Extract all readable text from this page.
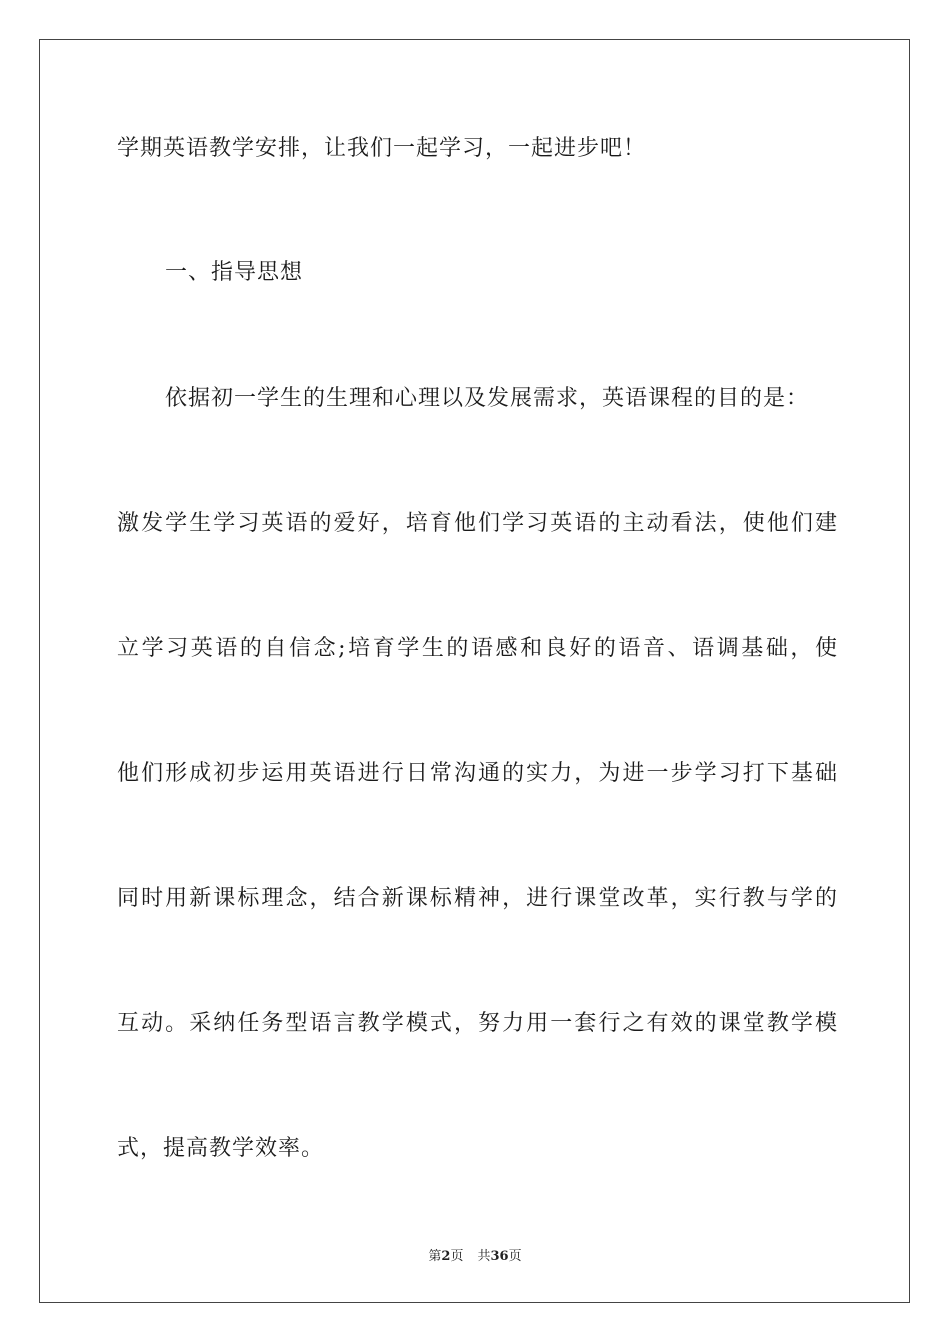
学期英语教学安排，让我们一起学习，一起进步吧！
一、指导思想
依据初一学生的生理和心理以及发展需求，英语课程的目的是：
激发学生学习英语的爱好，培育他们学习英语的主动看法，使他们建
立学习英语的自信念;培育学生的语感和良好的语音、语调基础，使
他们形成初步运用英语进行日常沟通的实力，为进一步学习打下基础
同时用新课标理念，结合新课标精神，进行课堂改革，实行教与学的
互动。采纳任务型语言教学模式，努力用一套行之有效的课堂教学模
式，提高教学效率。
第2页 共36页
